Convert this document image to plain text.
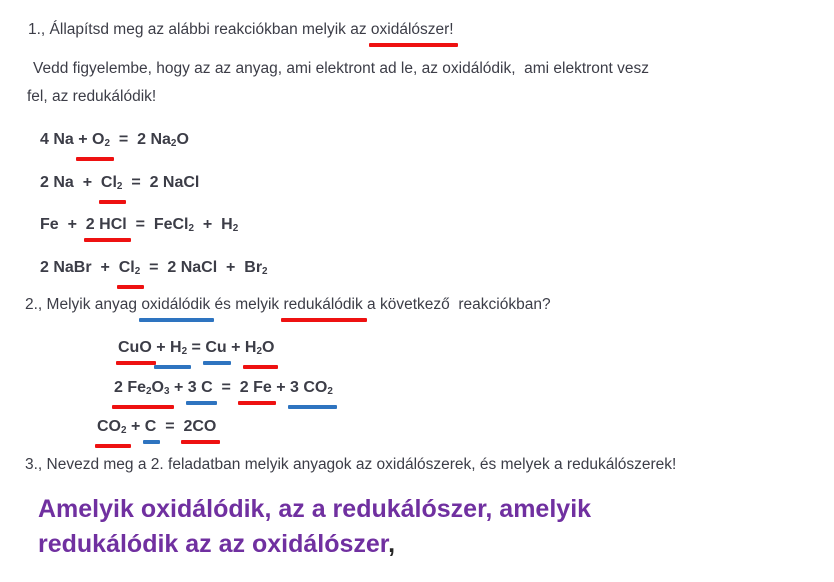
1., Állapítsd meg az alábbi reakciókban melyik az oxidálószer!
Vedd figyelembe, hogy az az anyag, ami elektront ad le, az oxidálódik,  ami elektront vesz
fel, az redukálódik!
4 $Na + O_2 = 2$ $Na_2O$
2 $Na + Cl_2 = 2$ NaCl
Fe  +  2 HCl  =  FeCl$_2$  +  $H_2$
2 NaBr  +  $Cl_2 = 2$ NaCl  +  $Br_2$
2., Melyik anyag oxidálódik és melyik redukálódik a következő  reakciókban?
CuO + $H_2 = Cu + H_2O$
2 $Fe_2O_3 + 3$ C  =  2 Fe + 3 $CO_2$
$CO_2 + C = 2CO$
3., Nevezd meg a 2. feladatban melyik anyagok az oxidálószerek, és melyek a redukálószerek!
Amelyik oxidálódik, az a redukálószer, amelyik
redukálódik az az oxidálószer,
